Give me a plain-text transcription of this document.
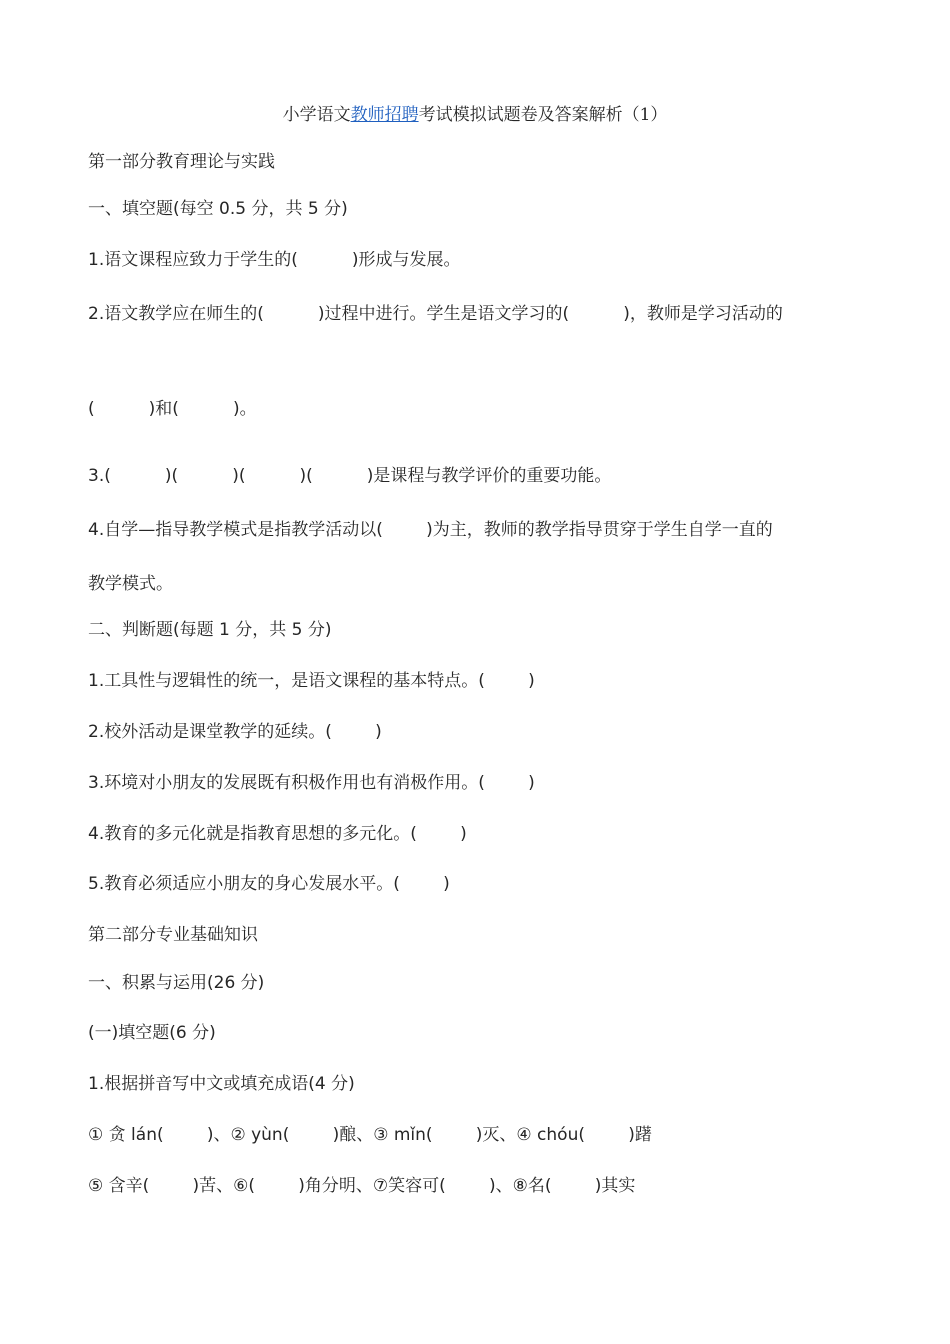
小学语文教师招聘考试模拟试题卷及答案解析（1）
第一部分教育理论与实践
一、填空题(每空 0.5 分，共 5 分)
1.语文课程应致力于学生的(          )形成与发展。
2.语文教学应在师生的(          )过程中进行。学生是语文学习的(          )，教师是学习活动的
(          )和(          )。
3.(          )(          )(          )(          )是课程与教学评价的重要功能。
4.自学—指导教学模式是指教学活动以(        )为主，教师的教学指导贯穿于学生自学一直的
教学模式。
二、判断题(每题 1 分，共 5 分)
1.工具性与逻辑性的统一，是语文课程的基本特点。(        )
2.校外活动是课堂教学的延续。(        )
3.环境对小朋友的发展既有积极作用也有消极作用。(        )
4.教育的多元化就是指教育思想的多元化。(        )
5.教育必须适应小朋友的身心发展水平。(        )
第二部分专业基础知识
一、积累与运用(26 分)
(一)填空题(6 分)
1.根据拼音写中文或填充成语(4 分)
① 贪 lán(        )、② yùn(        )酿、③ mǐn(        )灭、④ chóu(        )躇
⑤ 含辛(        )苦、⑥(        )角分明、⑦笑容可(        )、⑧名(        )其实
